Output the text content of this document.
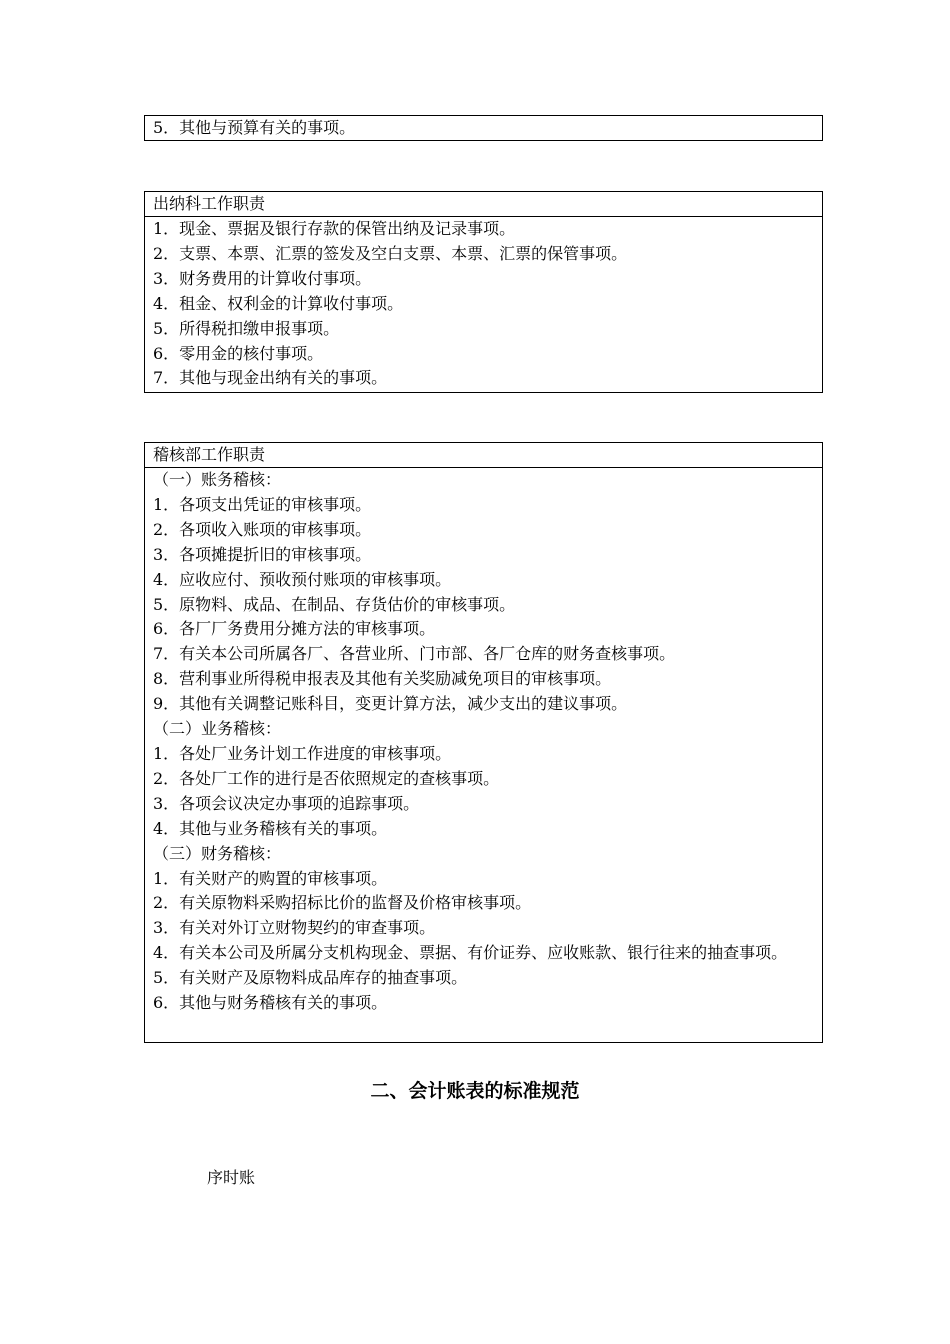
5．其他与预算有关的事项。
出纳科工作职责
1．现金、票据及银行存款的保管出纳及记录事项。
2．支票、本票、汇票的签发及空白支票、本票、汇票的保管事项。
3．财务费用的计算收付事项。
4．租金、权利金的计算收付事项。
5．所得税扣缴申报事项。
6．零用金的核付事项。
7．其他与现金出纳有关的事项。
稽核部工作职责
（一）账务稽核：
1．各项支出凭证的审核事项。
2．各项收入账项的审核事项。
3．各项摊提折旧的审核事项。
4．应收应付、预收预付账项的审核事项。
5．原物料、成品、在制品、存货估价的审核事项。
6．各厂厂务费用分摊方法的审核事项。
7．有关本公司所属各厂、各营业所、门市部、各厂仓库的财务查核事项。
8．营利事业所得税申报表及其他有关奖励减免项目的审核事项。
9．其他有关调整记账科目，变更计算方法，减少支出的建议事项。
（二）业务稽核：
1．各处厂业务计划工作进度的审核事项。
2．各处厂工作的进行是否依照规定的查核事项。
3．各项会议决定办事项的追踪事项。
4．其他与业务稽核有关的事项。
（三）财务稽核：
1．有关财产的购置的审核事项。
2．有关原物料采购招标比价的监督及价格审核事项。
3．有关对外订立财物契约的审查事项。
4．有关本公司及所属分支机构现金、票据、有价证券、应收账款、银行往来的抽查事项。
5．有关财产及原物料成品库存的抽查事项。
6．其他与财务稽核有关的事项。
二、会计账表的标准规范
序时账
